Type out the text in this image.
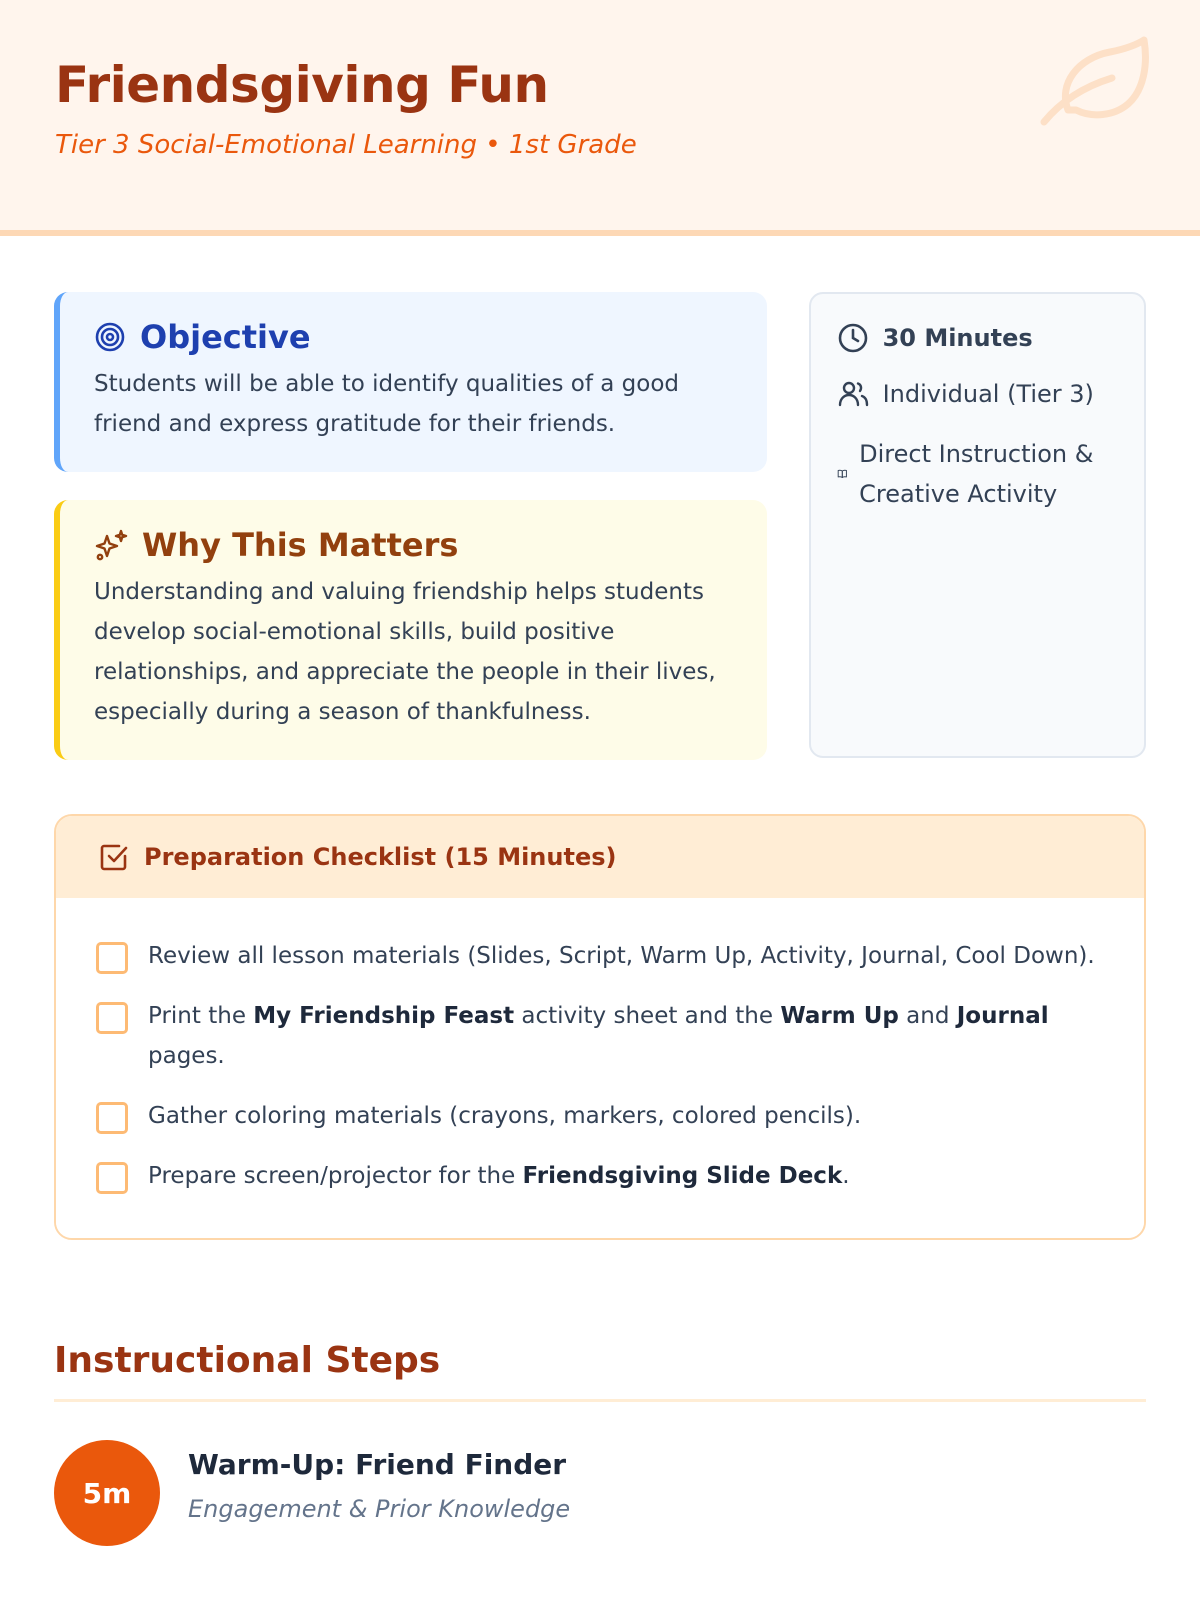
Friendsgiving Fun
Tier 3 Social-Emotional Learning • 1st Grade
Objective

Students will be able to identify qualities of a good friend and express gratitude for their friends.

Why This Matters

Understanding and valuing friendship helps students develop social-emotional skills, build positive relationships, and appreciate the people in their lives, especially during a season of thankfulness.

30 Minutes
Individual (Tier 3)
Direct Instruction & Creative Activity
Preparation Checklist (15 Minutes)
Review all lesson materials (Slides, Script, Warm Up, Activity, Journal, Cool Down).
Print the My Friendship Feast activity sheet and the Warm Up and Journal pages.
Gather coloring materials (crayons, markers, colored pencils).
Prepare screen/projector for the Friendsgiving Slide Deck.
Instructional Steps
5m
Warm-Up: Friend Finder
Engagement & Prior Knowledge
